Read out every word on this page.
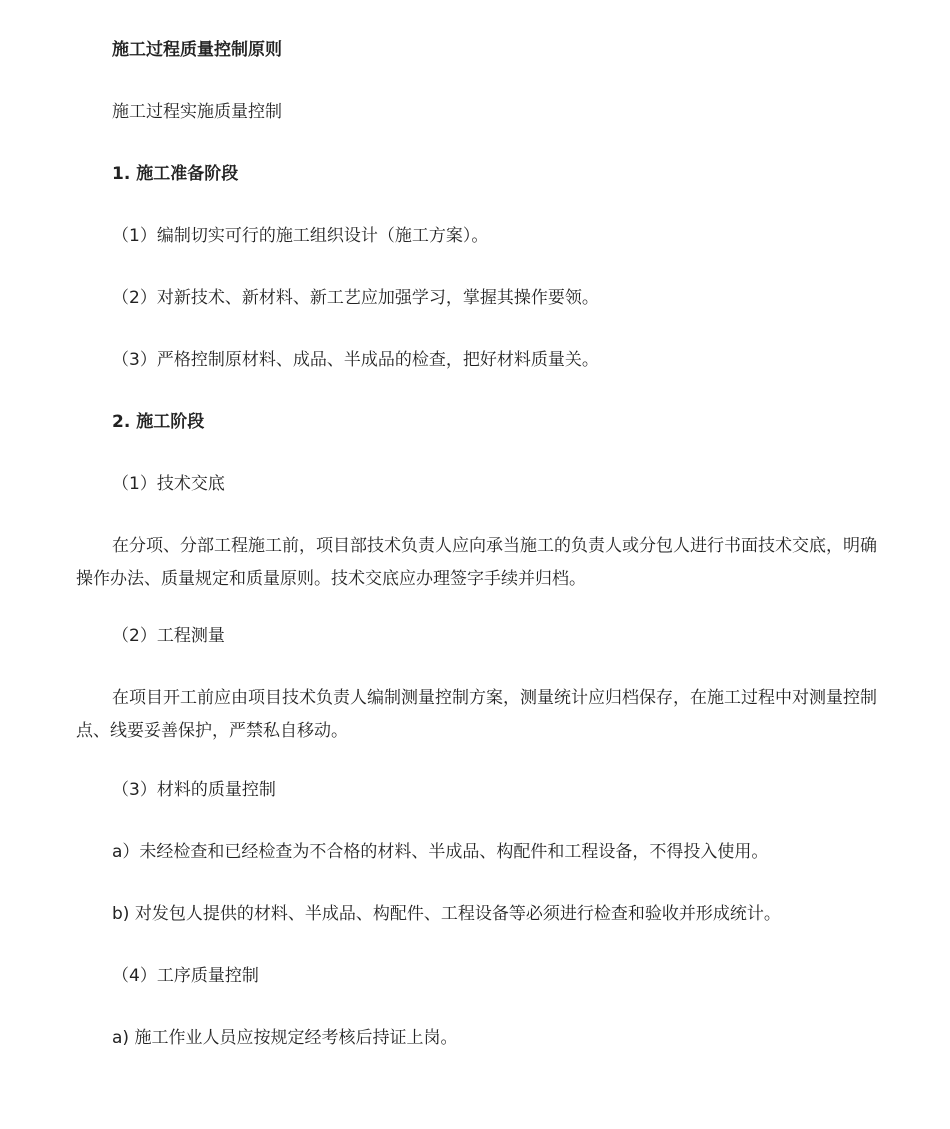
施工过程质量控制原则

施工过程实施质量控制

1. 施工准备阶段

（1）编制切实可行的施工组织设计（施工方案）。

（2）对新技术、新材料、新工艺应加强学习，掌握其操作要领。

（3）严格控制原材料、成品、半成品的检查，把好材料质量关。

2. 施工阶段

（1）技术交底

在分项、分部工程施工前，项目部技术负责人应向承当施工的负责人或分包人进行书面技术交底，明确操作办法、质量规定和质量原则。技术交底应办理签字手续并归档。

（2）工程测量

在项目开工前应由项目技术负责人编制测量控制方案，测量统计应归档保存，在施工过程中对测量控制点、线要妥善保护，严禁私自移动。

（3）材料的质量控制

a）未经检查和已经检查为不合格的材料、半成品、构配件和工程设备，不得投入使用。

b) 对发包人提供的材料、半成品、构配件、工程设备等必须进行检查和验收并形成统计。

（4）工序质量控制

a) 施工作业人员应按规定经考核后持证上岗。
